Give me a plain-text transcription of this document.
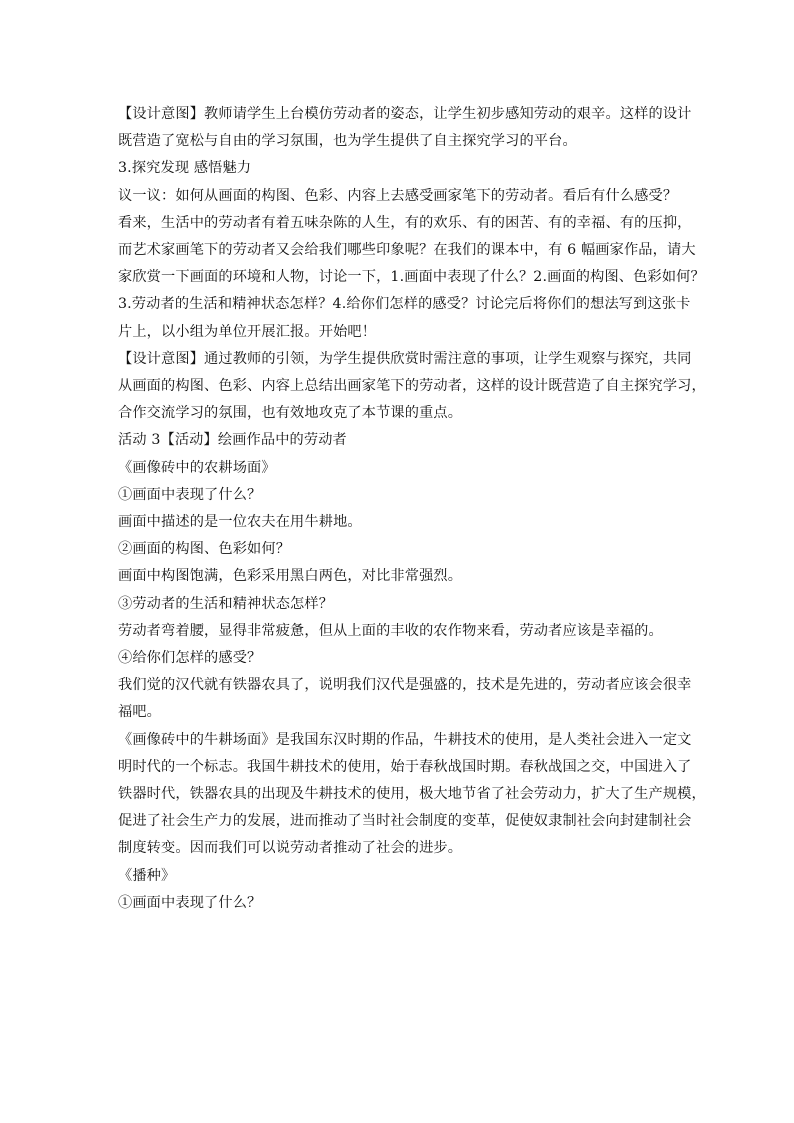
【设计意图】教师请学生上台模仿劳动者的姿态，让学生初步感知劳动的艰辛。这样的设计
既营造了宽松与自由的学习氛围，也为学生提供了自主探究学习的平台。

3.探究发现 感悟魅力

议一议：如何从画面的构图、色彩、内容上去感受画家笔下的劳动者。看后有什么感受？

看来，生活中的劳动者有着五味杂陈的人生，有的欢乐、有的困苦、有的幸福、有的压抑，
而艺术家画笔下的劳动者又会给我们哪些印象呢？在我们的课本中，有 6 幅画家作品，请大
家欣赏一下画面的环境和人物，讨论一下，1.画面中表现了什么？2.画面的构图、色彩如何？
3.劳动者的生活和精神状态怎样？4.给你们怎样的感受？讨论完后将你们的想法写到这张卡
片上，以小组为单位开展汇报。开始吧！

【设计意图】通过教师的引领，为学生提供欣赏时需注意的事项，让学生观察与探究，共同
从画面的构图、色彩、内容上总结出画家笔下的劳动者，这样的设计既营造了自主探究学习，
合作交流学习的氛围，也有效地攻克了本节课的重点。

活动 3【活动】绘画作品中的劳动者

《画像砖中的农耕场面》

①画面中表现了什么？

画面中描述的是一位农夫在用牛耕地。

②画面的构图、色彩如何？

画面中构图饱满，色彩采用黑白两色，对比非常强烈。

③劳动者的生活和精神状态怎样？

劳动者弯着腰，显得非常疲惫，但从上面的丰收的农作物来看，劳动者应该是幸福的。

④给你们怎样的感受？

我们觉的汉代就有铁器农具了，说明我们汉代是强盛的，技术是先进的，劳动者应该会很幸
福吧。

《画像砖中的牛耕场面》是我国东汉时期的作品，牛耕技术的使用，是人类社会进入一定文
明时代的一个标志。我国牛耕技术的使用，始于春秋战国时期。春秋战国之交，中国进入了
铁器时代，铁器农具的出现及牛耕技术的使用，极大地节省了社会劳动力，扩大了生产规模，
促进了社会生产力的发展，进而推动了当时社会制度的变革，促使奴隶制社会向封建制社会
制度转变。因而我们可以说劳动者推动了社会的进步。

《播种》

①画面中表现了什么？
